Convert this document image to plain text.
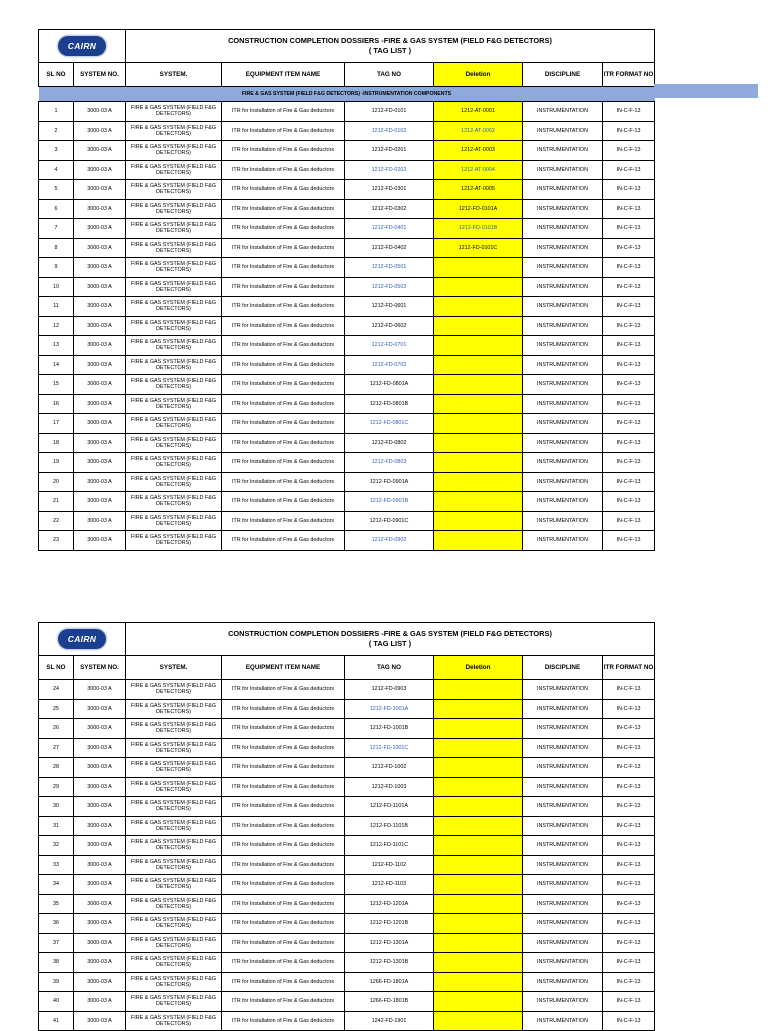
CAIRN		CONSTRUCTION COMPLETION DOSSIERS -FIRE & GAS SYSTEM (FIELD F&G DETECTORS)
( TAG LIST )					

SL NO	SYSTEM NO.	SYSTEM.	EQUIPMENT ITEM NAME	TAG NO	Deletion	DISCIPLINE	ITR FORMAT NO
FIRE & GAS SYSTEM (FIELD F&G DETECTORS) -INSTRUMENTATION COMPONENTS							
1	3000-03 A	FIRE & GAS SYSTEM (FIELD F&G DETECTORS)	ITR for Installation of Fire & Gas deductors	1212-FD-0101	1212-AT-0001	INSTRUMENTATION	IN-C-F-13
2	3000-03 A	FIRE & GAS SYSTEM (FIELD F&G DETECTORS)	ITR for Installation of Fire & Gas deductors	1212-FD-0102	1212-AT-0002	INSTRUMENTATION	IN-C-F-13
3	3000-03 A	FIRE & GAS SYSTEM (FIELD F&G DETECTORS)	ITR for Installation of Fire & Gas deductors	1212-FD-0201	1212-AT-0003	INSTRUMENTATION	IN-C-F-13
4	3000-03 A	FIRE & GAS SYSTEM (FIELD F&G DETECTORS)	ITR for Installation of Fire & Gas deductors	1212-FD-0202	1212-AT-0004	INSTRUMENTATION	IN-C-F-13
5	3000-03 A	FIRE & GAS SYSTEM (FIELD F&G DETECTORS)	ITR for Installation of Fire & Gas deductors	1212-FD-0301	1212-AT-0005	INSTRUMENTATION	IN-C-F-13
6	3000-03 A	FIRE & GAS SYSTEM (FIELD F&G DETECTORS)	ITR for Installation of Fire & Gas deductors	1212-FD-0302	1212-FD-0101A	INSTRUMENTATION	IN-C-F-13
7	3000-03 A	FIRE & GAS SYSTEM (FIELD F&G DETECTORS)	ITR for Installation of Fire & Gas deductors	1212-FD-0401	1212-FD-0101B	INSTRUMENTATION	IN-C-F-13
8	3000-03 A	FIRE & GAS SYSTEM (FIELD F&G DETECTORS)	ITR for Installation of Fire & Gas deductors	1212-FD-0402	1212-FD-0101C	INSTRUMENTATION	IN-C-F-13
9	3000-03 A	FIRE & GAS SYSTEM (FIELD F&G DETECTORS)	ITR for Installation of Fire & Gas deductors	1212-FD-0501		INSTRUMENTATION	IN-C-F-13
10	3000-03 A	FIRE & GAS SYSTEM (FIELD F&G DETECTORS)	ITR for Installation of Fire & Gas deductors	1212-FD-0502		INSTRUMENTATION	IN-C-F-13
11	3000-03 A	FIRE & GAS SYSTEM (FIELD F&G DETECTORS)	ITR for Installation of Fire & Gas deductors	1212-FD-0601		INSTRUMENTATION	IN-C-F-13
12	3000-03 A	FIRE & GAS SYSTEM (FIELD F&G DETECTORS)	ITR for Installation of Fire & Gas deductors	1212-FD-0602		INSTRUMENTATION	IN-C-F-13
13	3000-03 A	FIRE & GAS SYSTEM (FIELD F&G DETECTORS)	ITR for Installation of Fire & Gas deductors	1212-FD-0701		INSTRUMENTATION	IN-C-F-13
14	3000-03 A	FIRE & GAS SYSTEM (FIELD F&G DETECTORS)	ITR for Installation of Fire & Gas deductors	1212-FD-0702		INSTRUMENTATION	IN-C-F-13
15	3000-03 A	FIRE & GAS SYSTEM (FIELD F&G DETECTORS)	ITR for Installation of Fire & Gas deductors	1212-FD-0801A		INSTRUMENTATION	IN-C-F-13
16	3000-03 A	FIRE & GAS SYSTEM (FIELD F&G DETECTORS)	ITR for Installation of Fire & Gas deductors	1212-FD-0801B		INSTRUMENTATION	IN-C-F-13
17	3000-03 A	FIRE & GAS SYSTEM (FIELD F&G DETECTORS)	ITR for Installation of Fire & Gas deductors	1212-FD-0801C		INSTRUMENTATION	IN-C-F-13
18	3000-03 A	FIRE & GAS SYSTEM (FIELD F&G DETECTORS)	ITR for Installation of Fire & Gas deductors	1212-FD-0802		INSTRUMENTATION	IN-C-F-13
19	3000-03 A	FIRE & GAS SYSTEM (FIELD F&G DETECTORS)	ITR for Installation of Fire & Gas deductors	1212-FD-0803		INSTRUMENTATION	IN-C-F-13
20	3000-03 A	FIRE & GAS SYSTEM (FIELD F&G DETECTORS)	ITR for Installation of Fire & Gas deductors	1212-FD-0901A		INSTRUMENTATION	IN-C-F-13
21	3000-03 A	FIRE & GAS SYSTEM (FIELD F&G DETECTORS)	ITR for Installation of Fire & Gas deductors	1212-FD-0901B		INSTRUMENTATION	IN-C-F-13
22	3000-03 A	FIRE & GAS SYSTEM (FIELD F&G DETECTORS)	ITR for Installation of Fire & Gas deductors	1212-FD-0901C		INSTRUMENTATION	IN-C-F-13
23	3000-03 A	FIRE & GAS SYSTEM (FIELD F&G DETECTORS)	ITR for Installation of Fire & Gas deductors	1212-FD-0902		INSTRUMENTATION	IN-C-F-13
CAIRN		CONSTRUCTION COMPLETION DOSSIERS -FIRE & GAS SYSTEM (FIELD F&G DETECTORS)
( TAG LIST )					

SL NO	SYSTEM NO.	SYSTEM.	EQUIPMENT ITEM NAME	TAG NO	Deletion	DISCIPLINE	ITR FORMAT NO
24	3000-03 A	FIRE & GAS SYSTEM (FIELD F&G DETECTORS)	ITR for Installation of Fire & Gas deductors	1212-FD-0903		INSTRUMENTATION	IN-C-F-13
25	3000-03 A	FIRE & GAS SYSTEM (FIELD F&G DETECTORS)	ITR for Installation of Fire & Gas deductors	1212-FD-1001A		INSTRUMENTATION	IN-C-F-13
26	3000-03 A	FIRE & GAS SYSTEM (FIELD F&G DETECTORS)	ITR for Installation of Fire & Gas deductors	1212-FD-1001B		INSTRUMENTATION	IN-C-F-13
27	3000-03 A	FIRE & GAS SYSTEM (FIELD F&G DETECTORS)	ITR for Installation of Fire & Gas deductors	1212-FD-1001C		INSTRUMENTATION	IN-C-F-13
28	3000-03 A	FIRE & GAS SYSTEM (FIELD F&G DETECTORS)	ITR for Installation of Fire & Gas deductors	1212-FD-1002		INSTRUMENTATION	IN-C-F-13
29	3000-03 A	FIRE & GAS SYSTEM (FIELD F&G DETECTORS)	ITR for Installation of Fire & Gas deductors	1212-FD-1003		INSTRUMENTATION	IN-C-F-13
30	3000-03 A	FIRE & GAS SYSTEM (FIELD F&G DETECTORS)	ITR for Installation of Fire & Gas deductors	1212-FD-1101A		INSTRUMENTATION	IN-C-F-13
31	3000-03 A	FIRE & GAS SYSTEM (FIELD F&G DETECTORS)	ITR for Installation of Fire & Gas deductors	1212-FD-1101B		INSTRUMENTATION	IN-C-F-13
32	3000-03 A	FIRE & GAS SYSTEM (FIELD F&G DETECTORS)	ITR for Installation of Fire & Gas deductors	1212-FD-1101C		INSTRUMENTATION	IN-C-F-13
33	3000-03 A	FIRE & GAS SYSTEM (FIELD F&G DETECTORS)	ITR for Installation of Fire & Gas deductors	1212-FD-1102		INSTRUMENTATION	IN-C-F-13
34	3000-03 A	FIRE & GAS SYSTEM (FIELD F&G DETECTORS)	ITR for Installation of Fire & Gas deductors	1212-FD-1103		INSTRUMENTATION	IN-C-F-13
35	3000-03 A	FIRE & GAS SYSTEM (FIELD F&G DETECTORS)	ITR for Installation of Fire & Gas deductors	1212-FD-1201A		INSTRUMENTATION	IN-C-F-13
36	3000-03 A	FIRE & GAS SYSTEM (FIELD F&G DETECTORS)	ITR for Installation of Fire & Gas deductors	1212-FD-1201B		INSTRUMENTATION	IN-C-F-13
37	3000-03 A	FIRE & GAS SYSTEM (FIELD F&G DETECTORS)	ITR for Installation of Fire & Gas deductors	1212-FD-1301A		INSTRUMENTATION	IN-C-F-13
38	3000-03 A	FIRE & GAS SYSTEM (FIELD F&G DETECTORS)	ITR for Installation of Fire & Gas deductors	1212-FD-1301B		INSTRUMENTATION	IN-C-F-13
39	3000-03 A	FIRE & GAS SYSTEM (FIELD F&G DETECTORS)	ITR for Installation of Fire & Gas deductors	1266-FD-1801A		INSTRUMENTATION	IN-C-F-13
40	3000-03 A	FIRE & GAS SYSTEM (FIELD F&G DETECTORS)	ITR for Installation of Fire & Gas deductors	1266-FD-1801B		INSTRUMENTATION	IN-C-F-13
41	3000-03 A	FIRE & GAS SYSTEM (FIELD F&G DETECTORS)	ITR for Installation of Fire & Gas deductors	1242-FD-1901		INSTRUMENTATION	IN-C-F-13
